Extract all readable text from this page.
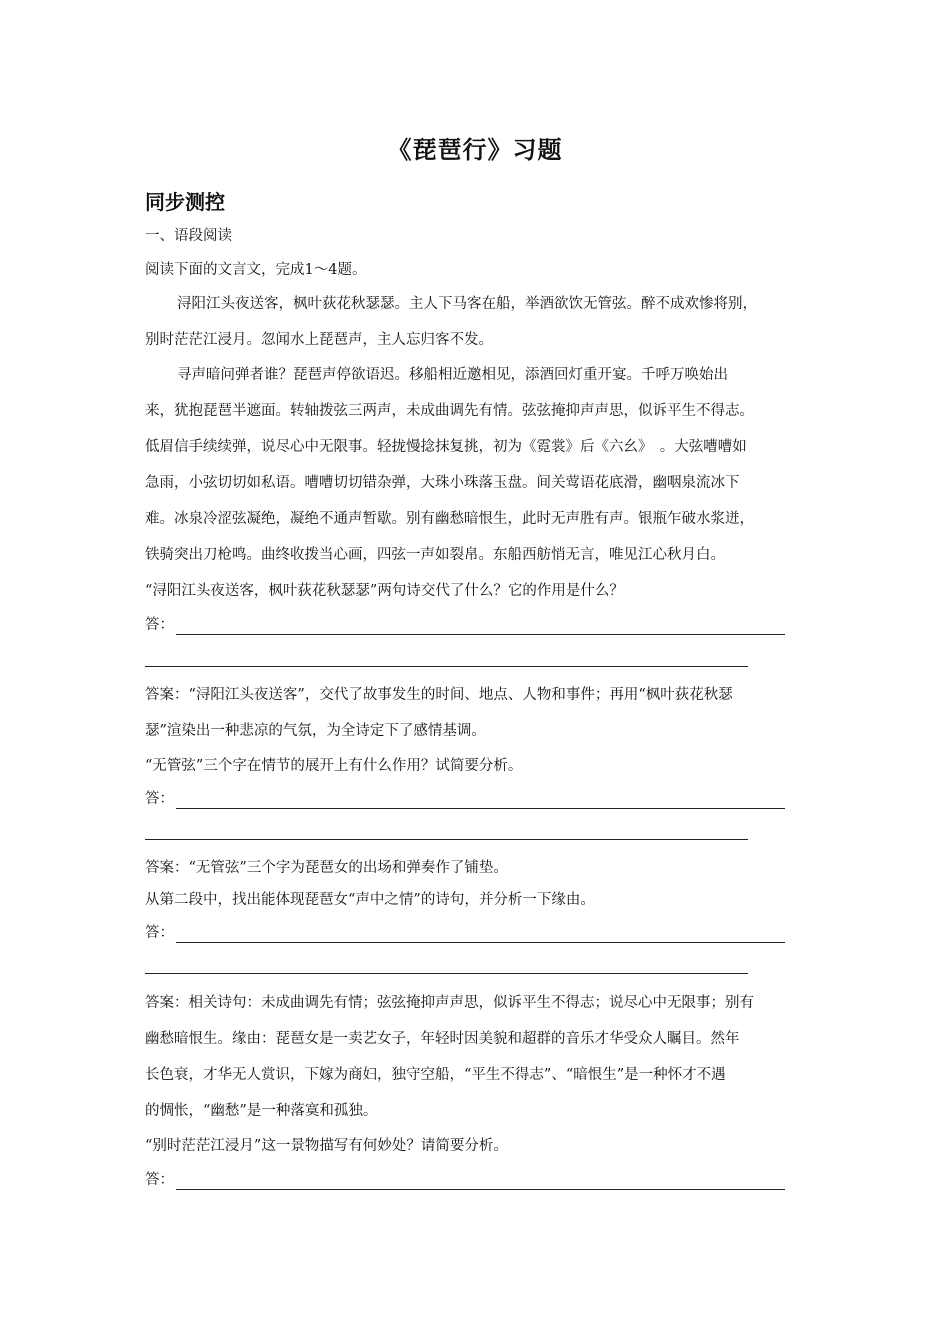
《琵琶行》习题
同步测控
一、语段阅读
阅读下面的文言文，完成1～4题。
浔阳江头夜送客，枫叶荻花秋瑟瑟。主人下马客在船，举酒欲饮无管弦。醉不成欢惨将别，
别时茫茫江浸月。忽闻水上琵琶声，主人忘归客不发。
寻声暗问弹者谁？琵琶声停欲语迟。移船相近邀相见，添酒回灯重开宴。千呼万唤始出
来，犹抱琵琶半遮面。转轴拨弦三两声，未成曲调先有情。弦弦掩抑声声思，似诉平生不得志。
低眉信手续续弹，说尽心中无限事。轻拢慢捻抹复挑，初为《霓裳》后《六幺》　。大弦嘈嘈如
急雨，小弦切切如私语。嘈嘈切切错杂弹，大珠小珠落玉盘。间关莺语花底滑，幽咽泉流冰下
难。冰泉冷涩弦凝绝，凝绝不通声暂歇。别有幽愁暗恨生，此时无声胜有声。银瓶乍破水浆迸，
铁骑突出刀枪鸣。曲终收拨当心画，四弦一声如裂帛。东船西舫悄无言，唯见江心秋月白。
“浔阳江头夜送客，枫叶荻花秋瑟瑟”两句诗交代了什么？它的作用是什么？
答：
答案：“浔阳江头夜送客”，交代了故事发生的时间、地点、人物和事件；再用“枫叶荻花秋瑟
瑟”渲染出一种悲凉的气氛，为全诗定下了感情基调。
“无管弦”三个字在情节的展开上有什么作用？试简要分析。
答：
答案：“无管弦”三个字为琵琶女的出场和弹奏作了铺垫。
从第二段中，找出能体现琵琶女“声中之情”的诗句，并分析一下缘由。
答：
答案：相关诗句：未成曲调先有情；弦弦掩抑声声思，似诉平生不得志；说尽心中无限事；别有
幽愁暗恨生。缘由：琵琶女是一卖艺女子，年轻时因美貌和超群的音乐才华受众人瞩目。然年
长色衰，才华无人赏识，下嫁为商妇，独守空船，“平生不得志”、“暗恨生”是一种怀才不遇
的惆怅，“幽愁”是一种落寞和孤独。
“别时茫茫江浸月”这一景物描写有何妙处？请简要分析。
答：
